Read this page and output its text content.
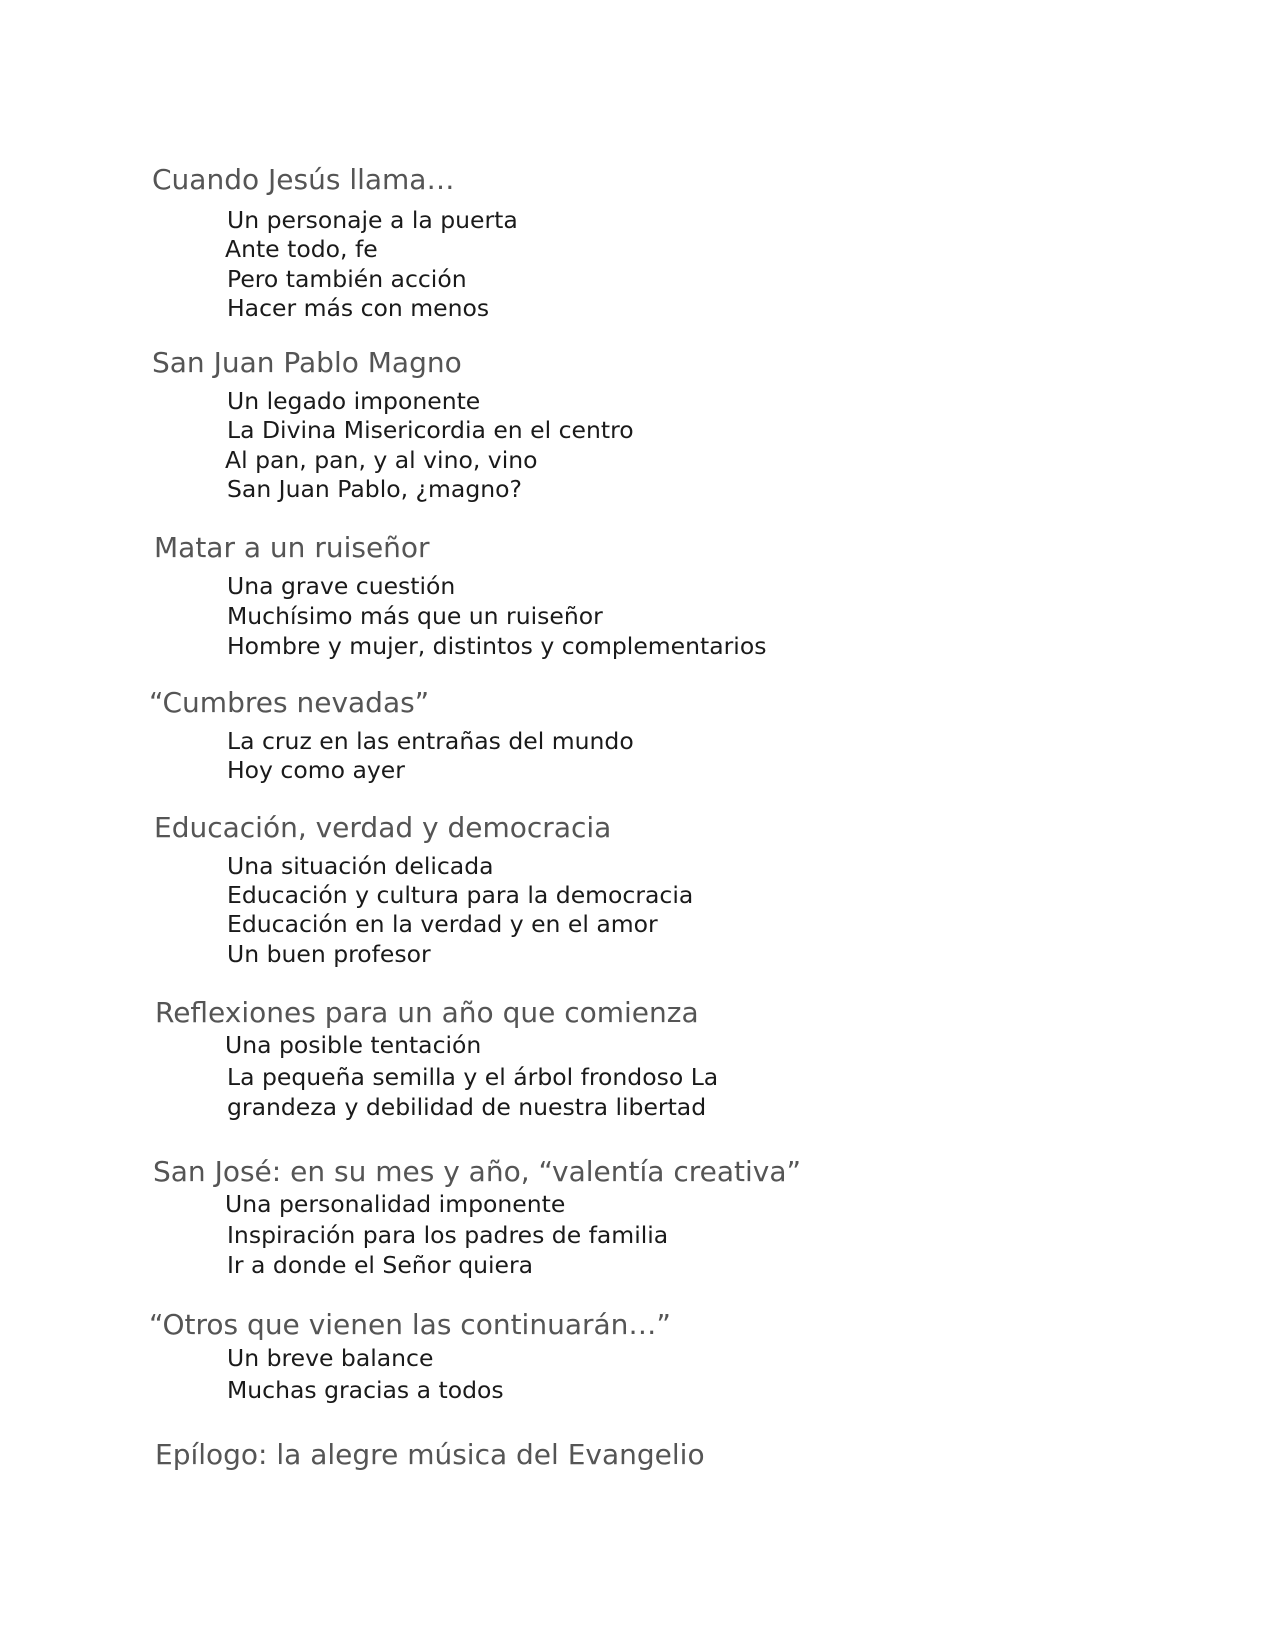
Cuando Jesús llama…
Un personaje a la puerta
Ante todo, fe
Pero también acción
Hacer más con menos
San Juan Pablo Magno
Un legado imponente
La Divina Misericordia en el centro
Al pan, pan, y al vino, vino
San Juan Pablo, ¿magno?
Matar a un ruiseñor
Una grave cuestión
Muchísimo más que un ruiseñor
Hombre y mujer, distintos y complementarios
“Cumbres nevadas”
La cruz en las entrañas del mundo
Hoy como ayer
Educación, verdad y democracia
Una situación delicada
Educación y cultura para la democracia
Educación en la verdad y en el amor
Un buen profesor
Reflexiones para un año que comienza
Una posible tentación
La pequeña semilla y el árbol frondoso La
grandeza y debilidad de nuestra libertad
San José: en su mes y año, “valentía creativa”
Una personalidad imponente
Inspiración para los padres de familia
Ir a donde el Señor quiera
“Otros que vienen las continuarán…”
Un breve balance
Muchas gracias a todos
Epílogo: la alegre música del Evangelio
